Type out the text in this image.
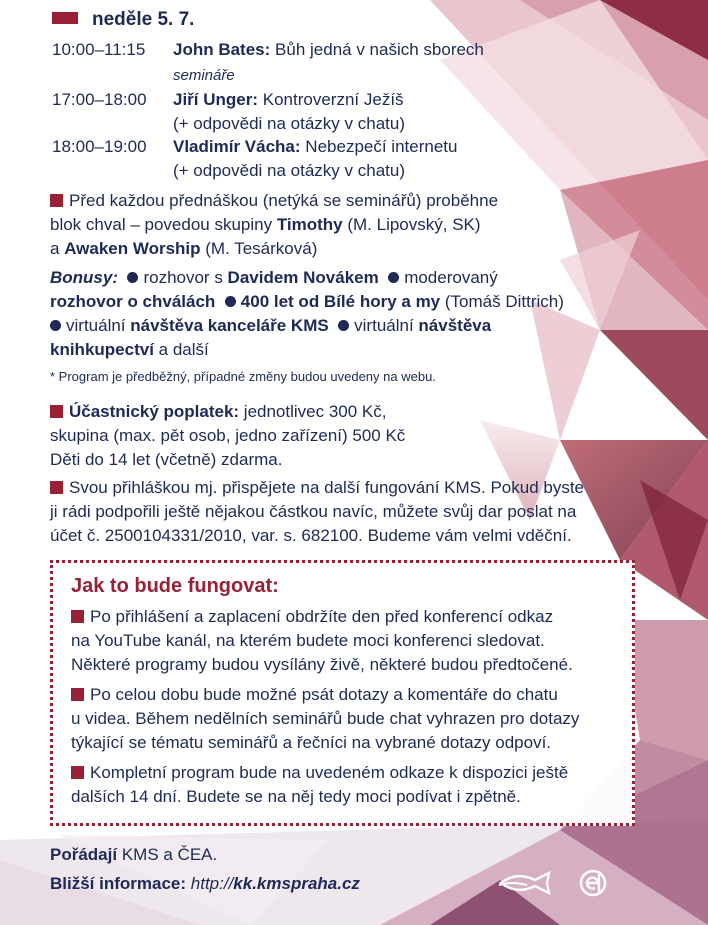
neděle 5. 7.
10:00–11:15 John Bates: Bůh jedná v našich sborech
semináře
17:00–18:00 Jiří Unger: Kontroverzní Ježíš
(+ odpovědi na otázky v chatu)
18:00–19:00 Vladimír Vácha: Nebezpečí internetu
(+ odpovědi na otázky v chatu)
Před každou přednáškou (netýká se seminářů) proběhne
blok chval – povedou skupiny Timothy (M. Lipovský, SK)
a Awaken Worship (M. Tesárková)
Bonusy: rozhovor s Davidem Novákem moderovaný
rozhovor o chválách 400 let od Bílé hory a my (Tomáš Dittrich)
virtuální návštěva kanceláře KMS virtuální návštěva
knihkupectví a další
* Program je předběžný, případné změny budou uvedeny na webu.
Účastnický poplatek: jednotlivec 300 Kč,
skupina (max. pět osob, jedno zařízení) 500 Kč
Děti do 14 let (včetně) zdarma.
Svou přihláškou mj. přispějete na další fungování KMS. Pokud byste
ji rádi podpořili ještě nějakou částkou navíc, můžete svůj dar poslat na
účet č. 2500104331/2010, var. s. 682100. Budeme vám velmi vděční.
Jak to bude fungovat:
Po přihlášení a zaplacení obdržíte den před konferencí odkaz
na YouTube kanál, na kterém budete moci konferenci sledovat.
Některé programy budou vysílány živě, některé budou předtočené.
Po celou dobu bude možné psát dotazy a komentáře do chatu
u videa. Během nedělních seminářů bude chat vyhrazen pro dotazy
týkající se tématu seminářů a řečníci na vybrané dotazy odpoví.
Kompletní program bude na uvedeném odkaze k dispozici ještě
dalších 14 dní. Budete se na něj tedy moci podívat i zpětně.
Pořádají KMS a ČEA.
Bližší informace: http://kk.kmspraha.cz
